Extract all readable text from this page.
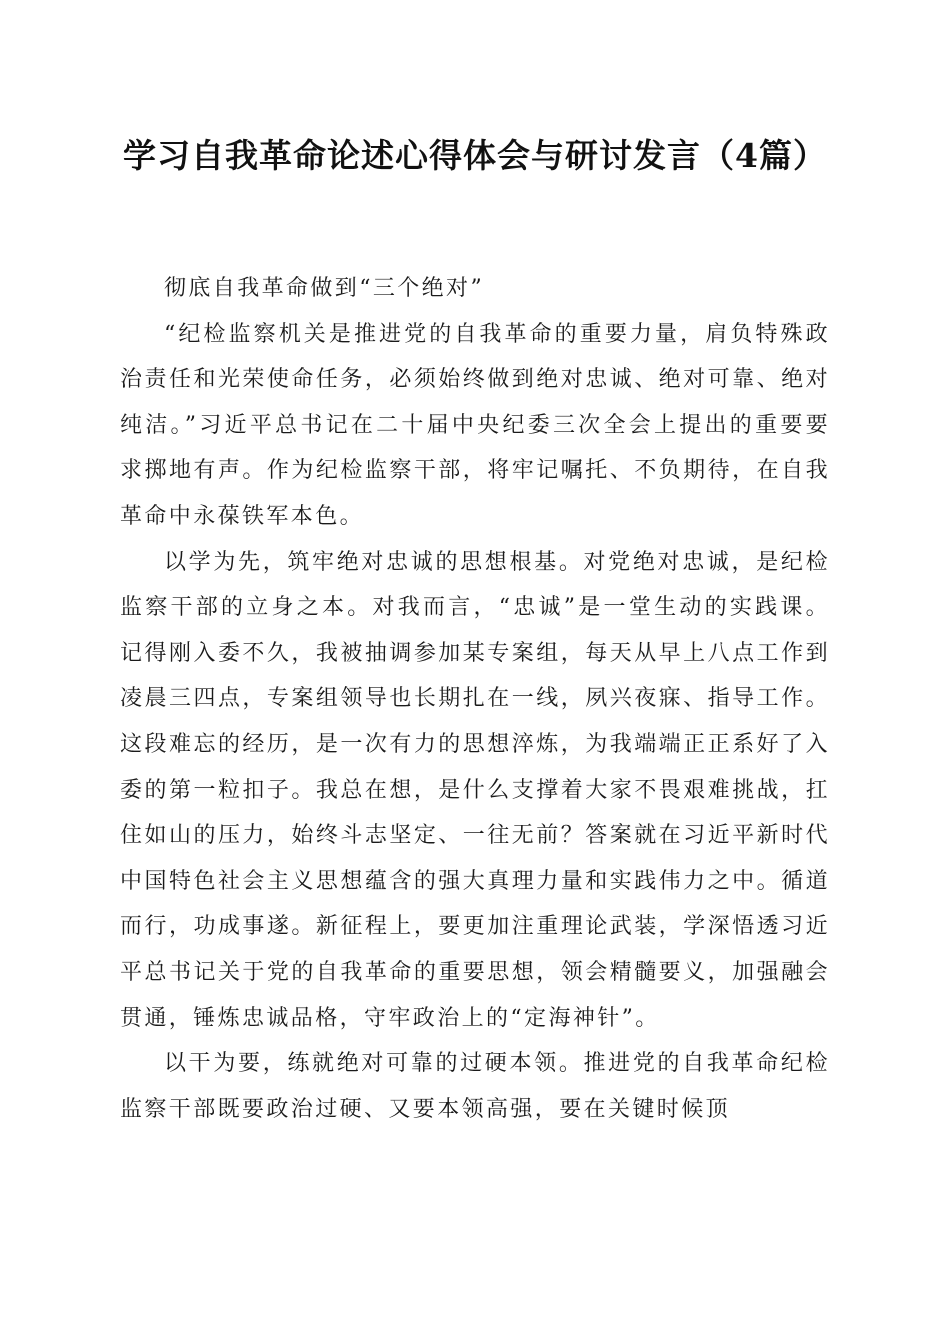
学习自我革命论述心得体会与研讨发言（4篇）

彻底自我革命做到“三个绝对”

“纪检监察机关是推进党的自我革命的重要力量，肩负特殊政治责任和光荣使命任务，必须始终做到绝对忠诚、绝对可靠、绝对纯洁。”习近平总书记在二十届中央纪委三次全会上提出的重要要求掷地有声。作为纪检监察干部，将牢记嘱托、不负期待，在自我革命中永葆铁军本色。

以学为先，筑牢绝对忠诚的思想根基。对党绝对忠诚，是纪检监察干部的立身之本。对我而言，“忠诚”是一堂生动的实践课。记得刚入委不久，我被抽调参加某专案组，每天从早上八点工作到凌晨三四点，专案组领导也长期扎在一线，夙兴夜寐、指导工作。这段难忘的经历，是一次有力的思想淬炼，为我端端正正系好了入委的第一粒扣子。我总在想，是什么支撑着大家不畏艰难挑战，扛住如山的压力，始终斗志坚定、一往无前？答案就在习近平新时代中国特色社会主义思想蕴含的强大真理力量和实践伟力之中。循道而行，功成事遂。新征程上，要更加注重理论武装，学深悟透习近平总书记关于党的自我革命的重要思想，领会精髓要义，加强融会贯通，锤炼忠诚品格，守牢政治上的“定海神针”。

以干为要，练就绝对可靠的过硬本领。推进党的自我革命纪检监察干部既要政治过硬、又要本领高强，要在关键时候顶
